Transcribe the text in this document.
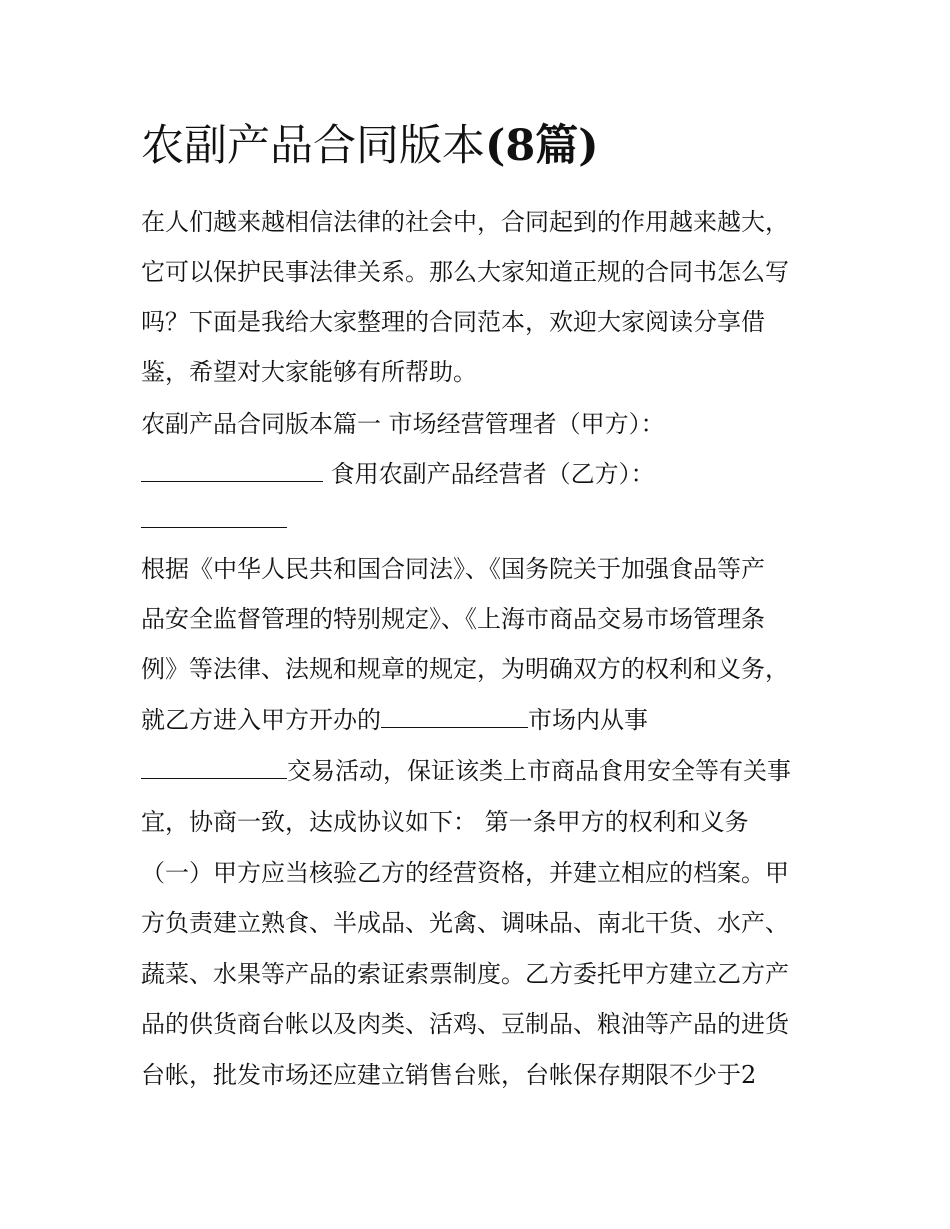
农副产品合同版本(8篇)
在人们越来越相信法律的社会中，合同起到的作用越来越大，
它可以保护民事法律关系。那么大家知道正规的合同书怎么写
吗？下面是我给大家整理的合同范本，欢迎大家阅读分享借
鉴，希望对大家能够有所帮助。
农副产品合同版本篇一 市场经营管理者（甲方）：
食用农副产品经营者（乙方）：
根据《中华人民共和国合同法》、《国务院关于加强食品等产
品安全监督管理的特别规定》、《上海市商品交易市场管理条
例》等法律、法规和规章的规定，为明确双方的权利和义务，
就乙方进入甲方开办的	市场内从事
交易活动，保证该类上市商品食用安全等有关事
宜，协商一致，达成协议如下： 第一条甲方的权利和义务
（一）甲方应当核验乙方的经营资格，并建立相应的档案。甲
方负责建立熟食、半成品、光禽、调味品、南北干货、水产、
蔬菜、水果等产品的索证索票制度。乙方委托甲方建立乙方产
品的供货商台帐以及肉类、活鸡、豆制品、粮油等产品的进货
台帐，批发市场还应建立销售台账，台帐保存期限不少于2
